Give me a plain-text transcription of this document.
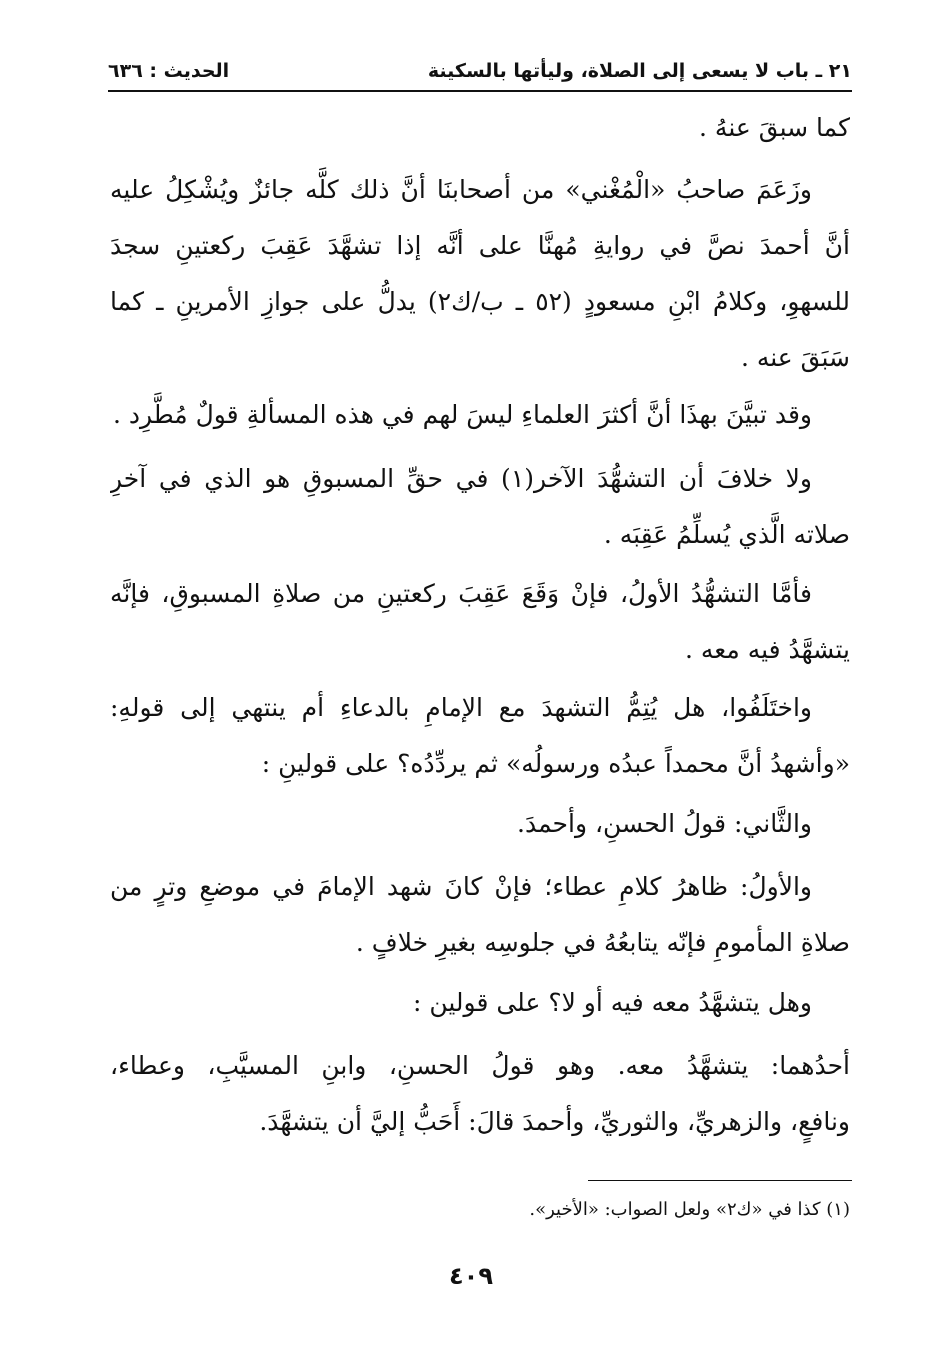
٢١ ـ باب لا يسعى إلى الصلاة، وليأتها بالسكينة
الحديث : ٦٣٦
كما سبقَ عنهُ .
وزَعَمَ صاحبُ «الْمُغْني» من أصحابنَا أنَّ ذلك كلَّه جائزٌ ويُشْكِلُ عليه
أنَّ أحمدَ نصَّ في روايةِ مُهنَّا على أنَّه إذا تشهَّدَ عَقِبَ ركعتينِ سجدَ
للسهوِ، وكلامُ ابْنِ مسعودٍ (٥٢ ـ ب/ك٢) يدلُّ على جوازِ الأمرينِ ـ كما
سَبَقَ عنه .
وقد تبيَّنَ بهذَا أنَّ أكثرَ العلماءِ ليسَ لهم في هذه المسألةِ قولٌ مُطَّرِد .
ولا خلافَ أن التشهُّدَ الآخر(١) في حقِّ المسبوقِ هو الذي في آخرِ
صلاته الَّذي يُسلِّمُ عَقِبَه .
فأمَّا التشهُّدُ الأولُ، فإنْ وَقَعَ عَقِبَ ركعتينِ من صلاةِ المسبوقِ، فإنَّه
يتشهَّدُ فيه معه .
واختَلَفُوا، هل يُتِمُّ التشهدَ مع الإمامِ بالدعاءِ أم ينتهي إلى قولهِ:
«وأشهدُ أنَّ محمداً عبدُه ورسولُه» ثم يردِّدُه؟ على قولينِ :
والثَّاني: قولُ الحسنِ، وأحمدَ.
والأولُ: ظاهرُ كلامِ عطاء؛ فإنْ كانَ شهد الإمامَ في موضعِ وترٍ من
صلاةِ المأمومِ فإنّه يتابعُهُ في جلوسِه بغيرِ خلافٍ .
وهل يتشهَّدُ معه فيه أو لا؟ على قولين :
أحدُهما: يتشهَّدُ معه. وهو قولُ الحسنِ، وابنِ المسيَّبِ، وعطاء،
ونافعٍ، والزهريِّ، والثوريِّ، وأحمدَ قالَ: أَحَبُّ إليَّ أن يتشهَّدَ.
(١) كذا في «ك٢» ولعل الصواب: «الأخير».
٤٠٩
